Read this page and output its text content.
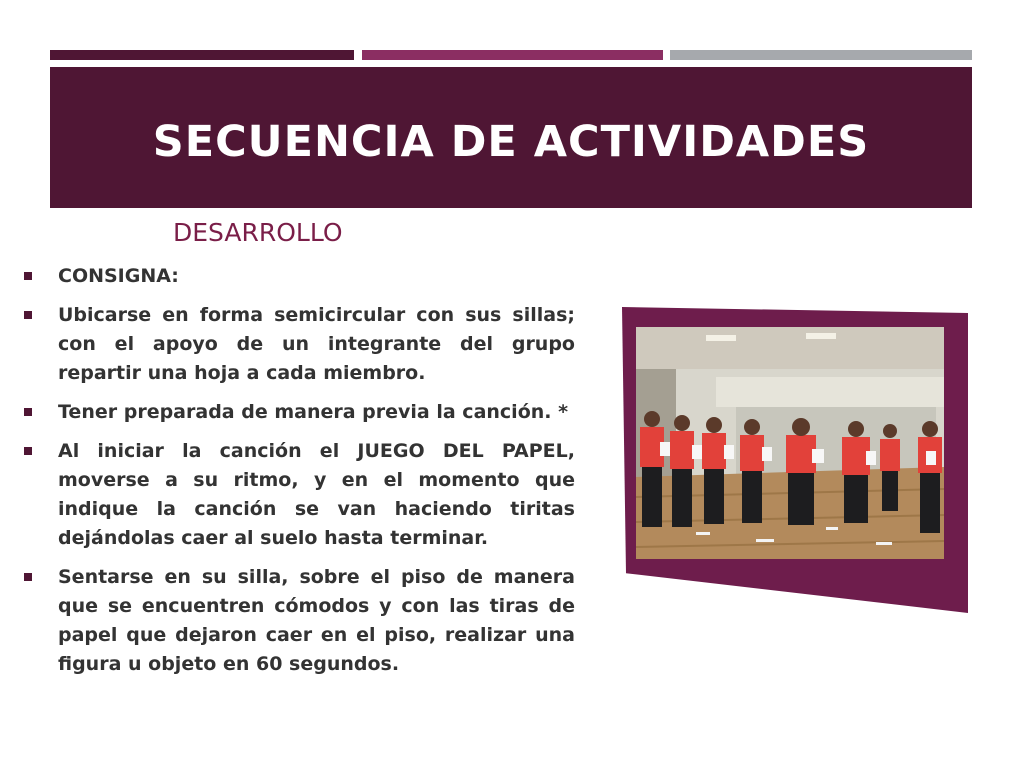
SECUENCIA DE ACTIVIDADES
DESARROLLO
CONSIGNA:
Ubicarse en forma semicircular con sus sillas; con el apoyo de un integrante del grupo repartir una hoja a cada miembro.
Tener preparada de manera previa la canción. *
Al iniciar la canción el JUEGO DEL PAPEL, moverse a su ritmo, y en el momento que indique la canción se van haciendo tiritas dejándolas caer al suelo hasta terminar.
Sentarse en su silla, sobre el piso de manera que se encuentren cómodos y con las tiras de papel que dejaron caer en el piso, realizar una figura u objeto en 60 segundos.
